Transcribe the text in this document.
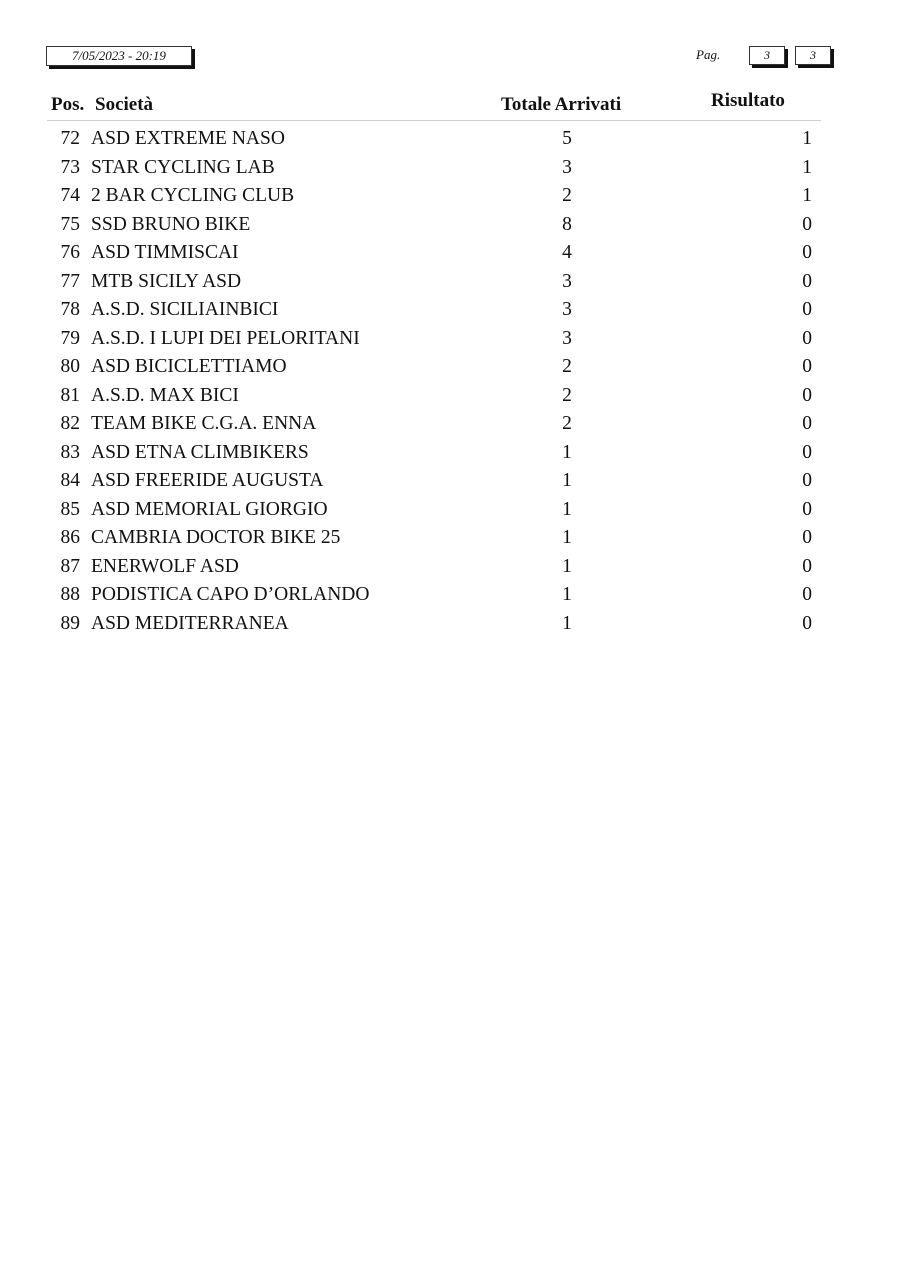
7/05/2023 - 20:19	Pag.	3	3
Pos. Società	Totale Arrivati	Risultato
72 ASD EXTREME NASO	5	1
73 STAR CYCLING LAB	3	1
74 2 BAR CYCLING CLUB	2	1
75 SSD BRUNO BIKE	8	0
76 ASD TIMMISCAI	4	0
77 MTB SICILY ASD	3	0
78 A.S.D. SICILIAINBICI	3	0
79 A.S.D. I LUPI DEI PELORITANI	3	0
80 ASD BICICLETTIAMO	2	0
81 A.S.D. MAX BICI	2	0
82 TEAM BIKE C.G.A. ENNA	2	0
83 ASD ETNA CLIMBIKERS	1	0
84 ASD FREERIDE AUGUSTA	1	0
85 ASD MEMORIAL GIORGIO	1	0
86 CAMBRIA DOCTOR BIKE 25	1	0
87 ENERWOLF ASD	1	0
88 PODISTICA CAPO D’ORLANDO	1	0
89 ASD MEDITERRANEA	1	0
